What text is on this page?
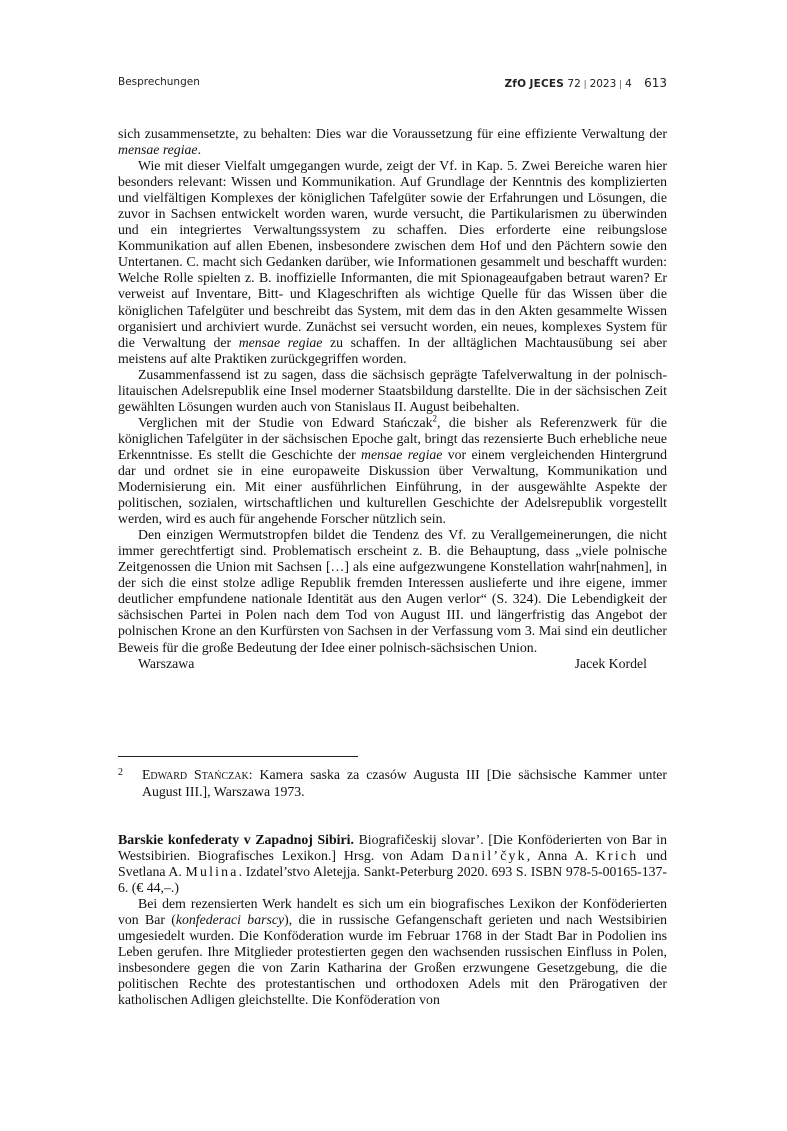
Besprechungen	ZfO JECES 72 | 2023 | 4 613

sich zusammensetzte, zu behalten: Dies war die Voraussetzung für eine effiziente Verwaltung der mensae regiae.

Wie mit dieser Vielfalt umgegangen wurde, zeigt der Vf. in Kap. 5. Zwei Bereiche waren hier besonders relevant: Wissen und Kommunikation. Auf Grundlage der Kenntnis des komplizierten und vielfältigen Komplexes der königlichen Tafelgüter sowie der Erfahrungen und Lösungen, die zuvor in Sachsen entwickelt worden waren, wurde versucht, die Partikularismen zu überwinden und ein integriertes Verwaltungssystem zu schaffen. Dies erforderte eine reibungslose Kommunikation auf allen Ebenen, insbesondere zwischen dem Hof und den Pächtern sowie den Untertanen. C. macht sich Gedanken darüber, wie Informationen gesammelt und beschafft wurden: Welche Rolle spielten z. B. inoffizielle Informanten, die mit Spionageaufgaben betraut waren? Er verweist auf Inventare, Bitt- und Klageschriften als wichtige Quelle für das Wissen über die königlichen Tafelgüter und beschreibt das System, mit dem das in den Akten gesammelte Wissen organisiert und archiviert wurde. Zunächst sei versucht worden, ein neues, komplexes System für die Verwaltung der mensae regiae zu schaffen. In der alltäglichen Machtausübung sei aber meistens auf alte Praktiken zurückgegriffen worden.

Zusammenfassend ist zu sagen, dass die sächsisch geprägte Tafelverwaltung in der polnisch-litauischen Adelsrepublik eine Insel moderner Staatsbildung darstellte. Die in der sächsischen Zeit gewählten Lösungen wurden auch von Stanislaus II. August beibehalten.

Verglichen mit der Studie von Edward Stańczak$^2$, die bisher als Referenzwerk für die königlichen Tafelgüter in der sächsischen Epoche galt, bringt das rezensierte Buch erhebliche neue Erkenntnisse. Es stellt die Geschichte der mensae regiae vor einem vergleichenden Hintergrund dar und ordnet sie in eine europaweite Diskussion über Verwaltung, Kommunikation und Modernisierung ein. Mit einer ausführlichen Einführung, in der ausgewählte Aspekte der politischen, sozialen, wirtschaftlichen und kulturellen Geschichte der Adelsrepublik vorgestellt werden, wird es auch für angehende Forscher nützlich sein.

Den einzigen Wermutstropfen bildet die Tendenz des Vf. zu Verallgemeinerungen, die nicht immer gerechtfertigt sind. Problematisch erscheint z. B. die Behauptung, dass „viele polnische Zeitgenossen die Union mit Sachsen […] als eine aufgezwungene Konstellation wahr[nahmen], in der sich die einst stolze adlige Republik fremden Interessen auslieferte und ihre eigene, immer deutlicher empfundene nationale Identität aus den Augen verlor“ (S. 324). Die Lebendigkeit der sächsischen Partei in Polen nach dem Tod von August III. und längerfristig das Angebot der polnischen Krone an den Kurfürsten von Sachsen in der Verfassung vom 3. Mai sind ein deutlicher Beweis für die große Bedeutung der Idee einer polnisch-sächsischen Union.

Warszawa	Jacek Kordel

2 Edward Stańczak: Kamera saska za czasów Augusta III [Die sächsische Kammer unter August III.], Warszawa 1973.

Barskie konfederaty v Zapadnoj Sibiri. Biografičeskij slovar’. [Die Konföderierten von Bar in Westsibirien. Biografisches Lexikon.] Hrsg. von Adam Danil’čyk, Anna A. Krich und Svetlana A. Mulina. Izdatel’stvo Aletejja. Sankt-Peterburg 2020. 693 S. ISBN 978-5-00165-137-6. (€ 44,–.)

Bei dem rezensierten Werk handelt es sich um ein biografisches Lexikon der Konföderierten von Bar (konfederaci barscy), die in russische Gefangenschaft gerieten und nach Westsibirien umgesiedelt wurden. Die Konföderation wurde im Februar 1768 in der Stadt Bar in Podolien ins Leben gerufen. Ihre Mitglieder protestierten gegen den wachsenden russischen Einfluss in Polen, insbesondere gegen die von Zarin Katharina der Großen erzwungene Gesetzgebung, die die politischen Rechte des protestantischen und orthodoxen Adels mit den Prärogativen der katholischen Adligen gleichstellte. Die Konföderation von
